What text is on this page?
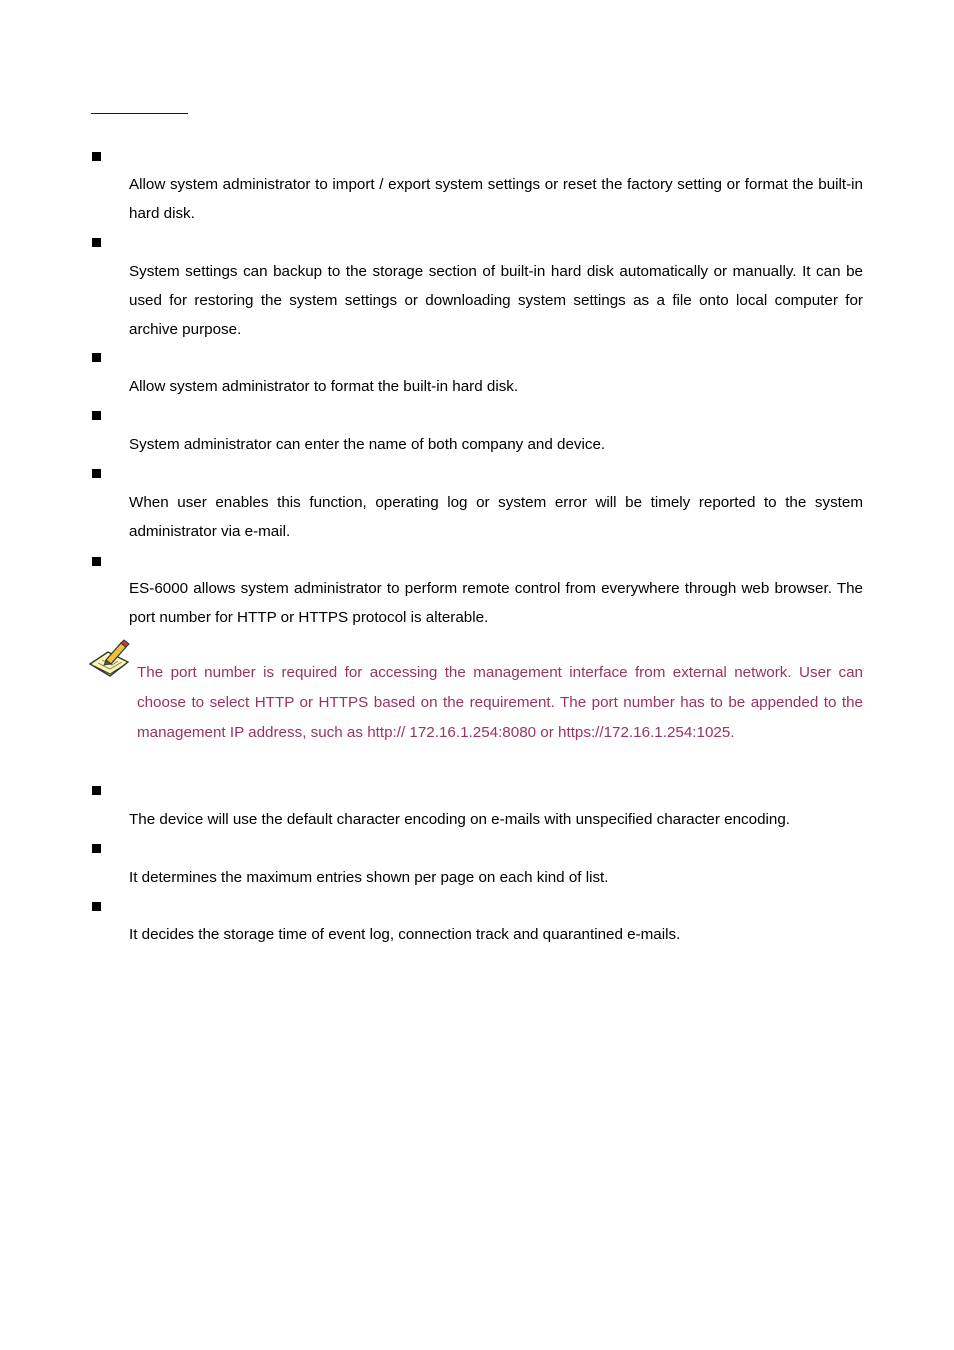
Allow system administrator to import / export system settings or reset the factory setting or format the built-in hard disk.

System settings can backup to the storage section of built-in hard disk automatically or manually. It can be used for restoring the system settings or downloading system settings as a file onto local computer for archive purpose.

Allow system administrator to format the built-in hard disk.

System administrator can enter the name of both company and device.

When user enables this function, operating log or system error will be timely reported to the system administrator via e-mail.

ES-6000 allows system administrator to perform remote control from everywhere through web browser. The port number for HTTP or HTTPS protocol is alterable.

The port number is required for accessing the management interface from external network. User can choose to select HTTP or HTTPS based on the requirement. The port number has to be appended to the management IP address, such as http:// 172.16.1.254:8080 or https://172.16.1.254:1025.

The device will use the default character encoding on e-mails with unspecified character encoding.

It determines the maximum entries shown per page on each kind of list.

It decides the storage time of event log, connection track and quarantined e-mails.
